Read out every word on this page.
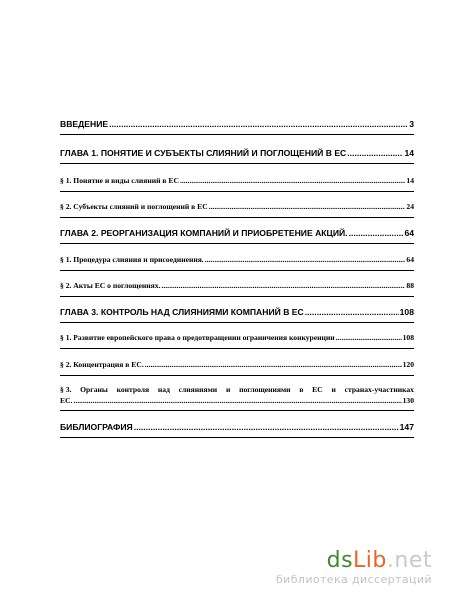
ВВЕДЕНИЕ .....	3
ГЛАВА 1. ПОНЯТИЕ И СУБЪЕКТЫ СЛИЯНИЙ И ПОГЛОЩЕНИЙ В ЕС .....	14
§ 1. Понятие и виды слияний в ЕС .....	14
§ 2. Субъекты слияний и поглощений в ЕС .....	24
ГЛАВА 2. РЕОРГАНИЗАЦИЯ КОМПАНИЙ И ПРИОБРЕТЕНИЕ АКЦИЙ. .....	64
§ 1. Процедура слияния и присоединения. .....	64
§ 2. Акты ЕС о поглощениях. .....	88
ГЛАВА 3. КОНТРОЛЬ НАД СЛИЯНИЯМИ КОМПАНИЙ В ЕС .....	108
§ 1. Развитие европейского права о предотвращении ограничения конкуренции .....	108
§ 2. Концентрация в ЕС. .....	120
§ 3. Органы контроля над слияниями и поглощениями в ЕС и странах-участниках
ЕС. .....	130
БИБЛИОГРАФИЯ .....	147
dsLib.net
библиотека диссертаций
